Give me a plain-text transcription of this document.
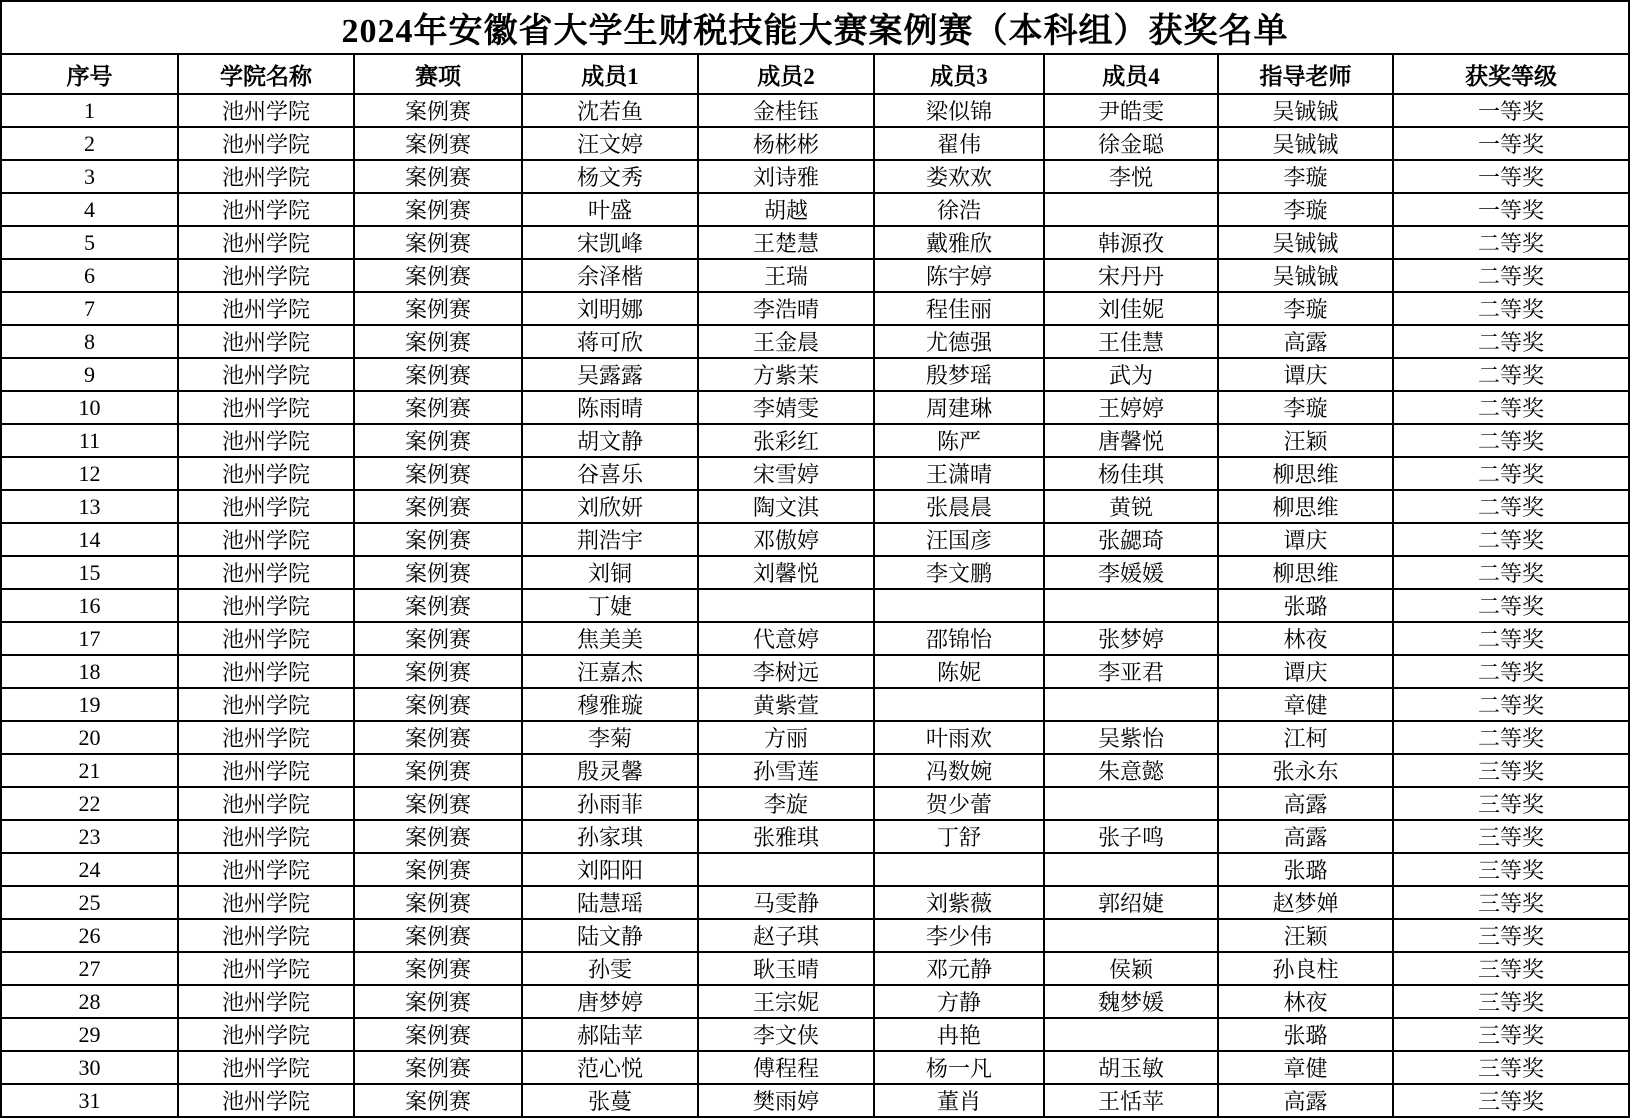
2024年安徽省大学生财税技能大赛案例赛（本科组）获奖名单								
序号	学院名称	赛项	成员1	成员2	成员3	成员4	指导老师	获奖等级
1	池州学院	案例赛	沈若鱼	金桂钰	梁似锦	尹皓雯	吴铖铖	一等奖
2	池州学院	案例赛	汪文婷	杨彬彬	翟伟	徐金聪	吴铖铖	一等奖
3	池州学院	案例赛	杨文秀	刘诗雅	娄欢欢	李悦	李璇	一等奖
4	池州学院	案例赛	叶盛	胡越	徐浩		李璇	一等奖
5	池州学院	案例赛	宋凯峰	王楚慧	戴雅欣	韩源孜	吴铖铖	二等奖
6	池州学院	案例赛	余泽楷	王瑞	陈宇婷	宋丹丹	吴铖铖	二等奖
7	池州学院	案例赛	刘明娜	李浩晴	程佳丽	刘佳妮	李璇	二等奖
8	池州学院	案例赛	蒋可欣	王金晨	尤德强	王佳慧	高露	二等奖
9	池州学院	案例赛	吴露露	方紫茉	殷梦瑶	武为	谭庆	二等奖
10	池州学院	案例赛	陈雨晴	李婧雯	周建琳	王婷婷	李璇	二等奖
11	池州学院	案例赛	胡文静	张彩红	陈严	唐馨悦	汪颖	二等奖
12	池州学院	案例赛	谷喜乐	宋雪婷	王潇晴	杨佳琪	柳思维	二等奖
13	池州学院	案例赛	刘欣妍	陶文淇	张晨晨	黄锐	柳思维	二等奖
14	池州学院	案例赛	荆浩宇	邓傲婷	汪国彦	张勰琦	谭庆	二等奖
15	池州学院	案例赛	刘铜	刘馨悦	李文鹏	李媛媛	柳思维	二等奖
16	池州学院	案例赛	丁婕				张璐	二等奖
17	池州学院	案例赛	焦美美	代意婷	邵锦怡	张梦婷	林夜	二等奖
18	池州学院	案例赛	汪嘉杰	李树远	陈妮	李亚君	谭庆	二等奖
19	池州学院	案例赛	穆雅璇	黄紫萱			章健	二等奖
20	池州学院	案例赛	李菊	方丽	叶雨欢	吴紫怡	江柯	二等奖
21	池州学院	案例赛	殷灵馨	孙雪莲	冯数婉	朱意懿	张永东	三等奖
22	池州学院	案例赛	孙雨菲	李旋	贺少蕾		高露	三等奖
23	池州学院	案例赛	孙家琪	张雅琪	丁舒	张子鸣	高露	三等奖
24	池州学院	案例赛	刘阳阳				张璐	三等奖
25	池州学院	案例赛	陆慧瑶	马雯静	刘紫薇	郭绍婕	赵梦婵	三等奖
26	池州学院	案例赛	陆文静	赵子琪	李少伟		汪颖	三等奖
27	池州学院	案例赛	孙雯	耿玉晴	邓元静	侯颖	孙良柱	三等奖
28	池州学院	案例赛	唐梦婷	王宗妮	方静	魏梦媛	林夜	三等奖
29	池州学院	案例赛	郝陆苹	李文侠	冉艳		张璐	三等奖
30	池州学院	案例赛	范心悦	傅程程	杨一凡	胡玉敏	章健	三等奖
31	池州学院	案例赛	张蔓	樊雨婷	董肖	王恬苹	高露	三等奖
